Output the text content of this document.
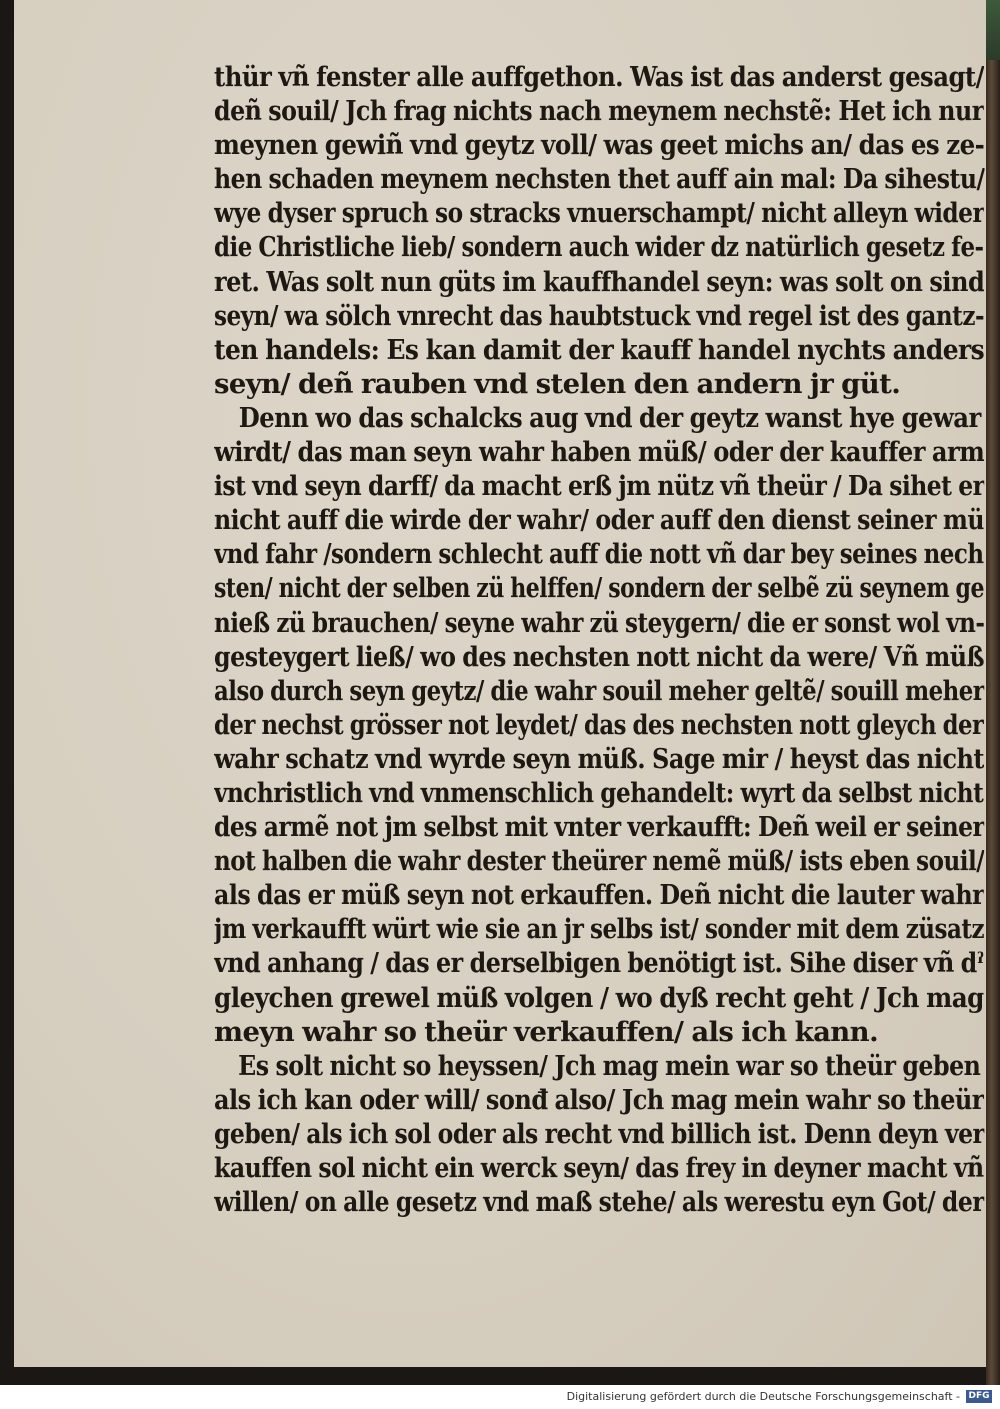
thür vñ fenster alle auffgethon. Was ist das anderst gesagt/
deñ souil/ Jch frag nichts nach meynem nechstẽ: Het ich nur
meynen gewiñ vnd geytz voll/ was geet michs an/ das es ze-
hen schaden meynem nechsten thet auff ain mal: Da sihestu/
wye dyser spruch so stracks vnuerschampt/ nicht alleyn wider
die Christliche lieb/ sondern auch wider dz natürlich gesetz fe-
ret. Was solt nun güts im kauffhandel seyn: was solt on sind
seyn/ wa sölch vnrecht das haubtstuck vnd regel ist des gantz-
ten handels: Es kan damit der kauff handel nychts anders
seyn/ deñ rauben vnd stelen den andern jr güt.
Denn wo das schalcks aug vnd der geytz wanst hye gewar
wirdt/ das man seyn wahr haben müß/ oder der kauffer arm
ist vnd seyn darff/ da macht erß jm nütz vñ theür / Da sihet er
nicht auff die wirde der wahr/ oder auff den dienst seiner mü
vnd fahr /sondern schlecht auff die nott vñ dar bey seines nech
sten/ nicht der selben zü helffen/ sondern der selbẽ zü seynem ge
nieß zü brauchen/ seyne wahr zü steygern/ die er sonst wol vn-
gesteygert ließ/ wo des nechsten nott nicht da were/ Vñ müß
also durch seyn geytz/ die wahr souil meher geltẽ/ souill meher
der nechst grösser not leydet/ das des nechsten nott gleych der
wahr schatz vnd wyrde seyn müß. Sage mir / heyst das nicht
vnchristlich vnd vnmenschlich gehandelt: wyrt da selbst nicht
des armẽ not jm selbst mit vnter verkaufft: Deñ weil er seiner
not halben die wahr dester theürer nemẽ müß/ ists eben souil/
als das er müß seyn not erkauffen. Deñ nicht die lauter wahr
jm verkaufft würt wie sie an jr selbs ist/ sonder mit dem züsatz
vnd anhang / das er derselbigen benötigt ist. Sihe diser vñ dˀ
gleychen grewel müß volgen / wo dyß recht geht / Jch mag
meyn wahr so theür verkauffen/ als ich kann.
Es solt nicht so heyssen/ Jch mag mein war so theür geben
als ich kan oder will/ sonđ also/ Jch mag mein wahr so theür
geben/ als ich sol oder als recht vnd billich ist. Denn deyn ver
kauffen sol nicht ein werck seyn/ das frey in deyner macht vñ
willen/ on alle gesetz vnd maß stehe/ als werestu eyn Got/ der
Digitalisierung gefördert durch die Deutsche Forschungsgemeinschaft - DFG
